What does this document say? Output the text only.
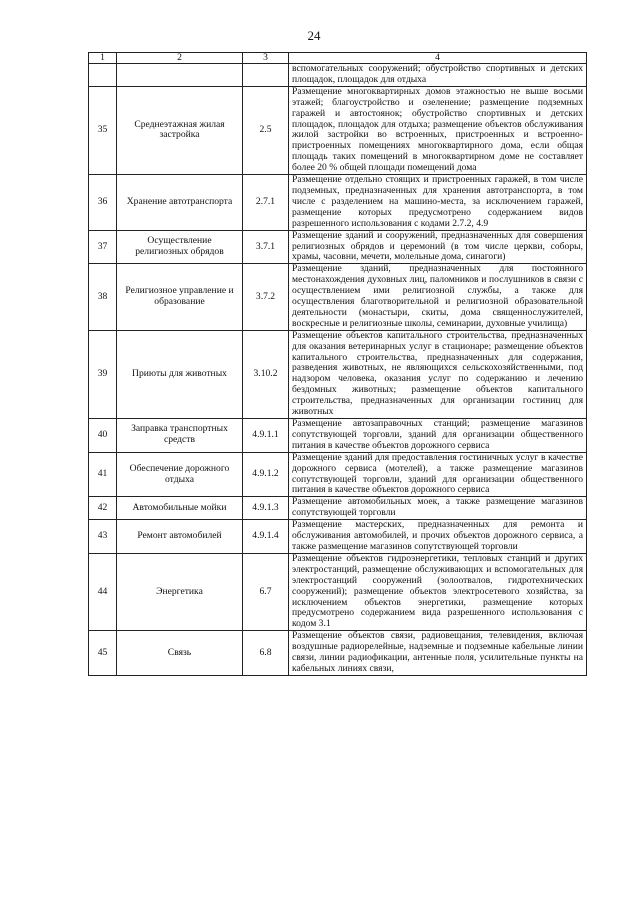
24
1	2	3	4
			вспомогательных сооружений; обустройство спортивных и детских площадок, площадок для отдыха
35	Среднеэтажная жилая застройка	2.5	Размещение многоквартирных домов этажностью не выше восьми этажей; благоустройство и озеленение; размещение подземных гаражей и автостоянок; обустройство спортивных и детских площадок, площадок для отдыха; размещение объектов обслуживания жилой застройки во встроенных, пристроенных и встроенно-пристроенных помещениях многоквартирного дома, если общая площадь таких помещений в многоквартирном доме не составляет более 20 % общей площади помещений дома
36	Хранение автотранспорта	2.7.1	Размещение отдельно стоящих и пристроенных гаражей, в том числе подземных, предназначенных для хранения автотранспорта, в том числе с разделением на машино-места, за исключением гаражей, размещение которых предусмотрено содержанием видов разрешенного использования с кодами 2.7.2, 4.9
37	Осуществление религиозных обрядов	3.7.1	Размещение зданий и сооружений, предназначенных для совершения религиозных обрядов и церемоний (в том числе церкви, соборы, храмы, часовни, мечети, молельные дома, синагоги)
38	Религиозное управление и образование	3.7.2	Размещение зданий, предназначенных для постоянного местонахождения духовных лиц, паломников и послушников в связи с осуществлением ими религиозной службы, а также для осуществления благотворительной и религиозной образовательной деятельности (монастыри, скиты, дома священнослужителей, воскресные и религиозные школы, семинарии, духовные училища)
39	Приюты для животных	3.10.2	Размещение объектов капитального строительства, предназначенных для оказания ветеринарных услуг в стационаре; размещение объектов капитального строительства, предназначенных для содержания, разведения животных, не являющихся сельскохозяйственными, под надзором человека, оказания услуг по содержанию и лечению бездомных животных; размещение объектов капитального строительства, предназначенных для организации гостиниц для животных
40	Заправка транспортных средств	4.9.1.1	Размещение автозаправочных станций; размещение магазинов сопутствующей торговли, зданий для организации общественного питания в качестве объектов дорожного сервиса
41	Обеспечение дорожного отдыха	4.9.1.2	Размещение зданий для предоставления гостиничных услуг в качестве дорожного сервиса (мотелей), а также размещение магазинов сопутствующей торговли, зданий для организации общественного питания в качестве объектов дорожного сервиса
42	Автомобильные мойки	4.9.1.3	Размещение автомобильных моек, а также размещение магазинов сопутствующей торговли
43	Ремонт автомобилей	4.9.1.4	Размещение мастерских, предназначенных для ремонта и обслуживания автомобилей, и прочих объектов дорожного сервиса, а также размещение магазинов сопутствующей торговли
44	Энергетика	6.7	Размещение объектов гидроэнергетики, тепловых станций и других электростанций, размещение обслуживающих и вспомогательных для электростанций сооружений (золоотвалов, гидротехнических сооружений); размещение объектов электросетевого хозяйства, за исключением объектов энергетики, размещение которых предусмотрено содержанием вида разрешенного использования с кодом 3.1
45	Связь	6.8	Размещение объектов связи, радиовещания, телевидения, включая воздушные радиорелейные, надземные и подземные кабельные линии связи, линии радиофикации, антенные поля, усилительные пункты на кабельных линиях связи,
